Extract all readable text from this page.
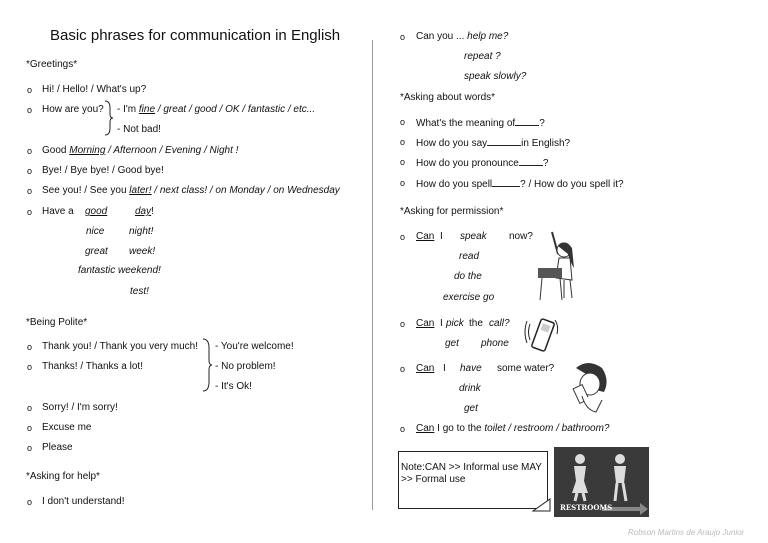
Basic phrases for communication in English
*Greetings*
o Hi! / Hello! / What's up?
o How are you? - I'm fine / great / good / OK / fantastic / etc...
- Not bad!
o Good Morning / Afternoon / Evening / Night !
o Bye! / Bye bye! / Good bye!
o See you! / See you later! / next class! / on Monday / on Wednesday
o Have a good	day!
nice night!
great week!
fantastic weekend!
test!
*Being Polite*
o Thank you! / Thank you very much!
o Thanks! / Thanks a lot!
- You're welcome!
- No problem!
- It's Ok!
o Sorry! / I'm sorry!
o Excuse me
o Please
*Asking for help*
o I don't understand!
o Can you ... help me?
repeat ?
speak slowly?
*Asking about words*
o What's the meaning of ?
o How do you say	in English?
o How do you pronounce ?
o How do you spell	? / How do you spell it?
*Asking for permission*
o Can I speak now?
read
do the
exercise go
o Can I pick the call?
get phone
o Can I have some water?
drink
get
o Can I go to the toilet / restroom / bathroom?
Note:CAN >> Informal use MAY >> Formal use
RESTROOMS
Robson Martins de Araujo Junior
